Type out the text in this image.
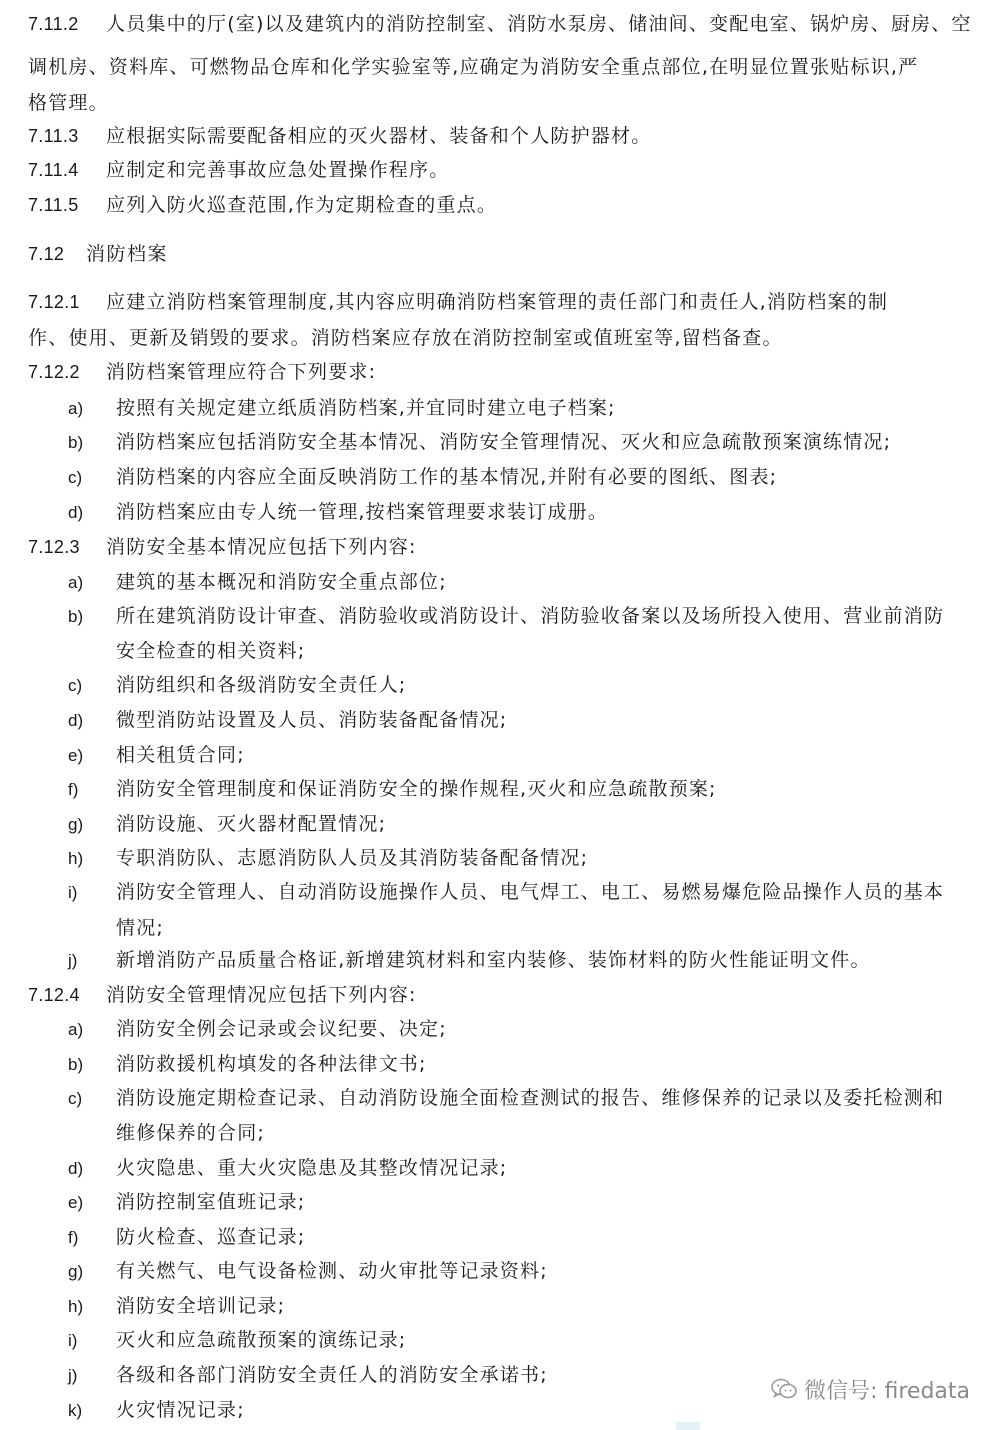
7.11.2 人员集中的厅(室)以及建筑内的消防控制室、消防水泵房、储油间、变配电室、锅炉房、厨房、空
调机房、资料库、可燃物品仓库和化学实验室等,应确定为消防安全重点部位,在明显位置张贴标识,严
格管理。
7.11.3 应根据实际需要配备相应的灭火器材、装备和个人防护器材。
7.11.4 应制定和完善事故应急处置操作程序。
7.11.5 应列入防火巡查范围,作为定期检查的重点。
7.12 消防档案
7.12.1 应建立消防档案管理制度,其内容应明确消防档案管理的责任部门和责任人,消防档案的制
作、使用、更新及销毁的要求。消防档案应存放在消防控制室或值班室等,留档备查。
7.12.2 消防档案管理应符合下列要求:
a) 按照有关规定建立纸质消防档案,并宜同时建立电子档案;
b) 消防档案应包括消防安全基本情况、消防安全管理情况、灭火和应急疏散预案演练情况;
c) 消防档案的内容应全面反映消防工作的基本情况,并附有必要的图纸、图表;
d) 消防档案应由专人统一管理,按档案管理要求装订成册。
7.12.3 消防安全基本情况应包括下列内容:
a) 建筑的基本概况和消防安全重点部位;
b) 所在建筑消防设计审查、消防验收或消防设计、消防验收备案以及场所投入使用、营业前消防
安全检查的相关资料;
c) 消防组织和各级消防安全责任人;
d) 微型消防站设置及人员、消防装备配备情况;
e) 相关租赁合同;
f) 消防安全管理制度和保证消防安全的操作规程,灭火和应急疏散预案;
g) 消防设施、灭火器材配置情况;
h) 专职消防队、志愿消防队人员及其消防装备配备情况;
i) 消防安全管理人、自动消防设施操作人员、电气焊工、电工、易燃易爆危险品操作人员的基本
情况;
j) 新增消防产品质量合格证,新增建筑材料和室内装修、装饰材料的防火性能证明文件。
7.12.4 消防安全管理情况应包括下列内容:
a) 消防安全例会记录或会议纪要、决定;
b) 消防救援机构填发的各种法律文书;
c) 消防设施定期检查记录、自动消防设施全面检查测试的报告、维修保养的记录以及委托检测和
维修保养的合同;
d) 火灾隐患、重大火灾隐患及其整改情况记录;
e) 消防控制室值班记录;
f) 防火检查、巡查记录;
g) 有关燃气、电气设备检测、动火审批等记录资料;
h) 消防安全培训记录;
i) 灭火和应急疏散预案的演练记录;
j) 各级和各部门消防安全责任人的消防安全承诺书;
k) 火灾情况记录;
微信号: firedata
